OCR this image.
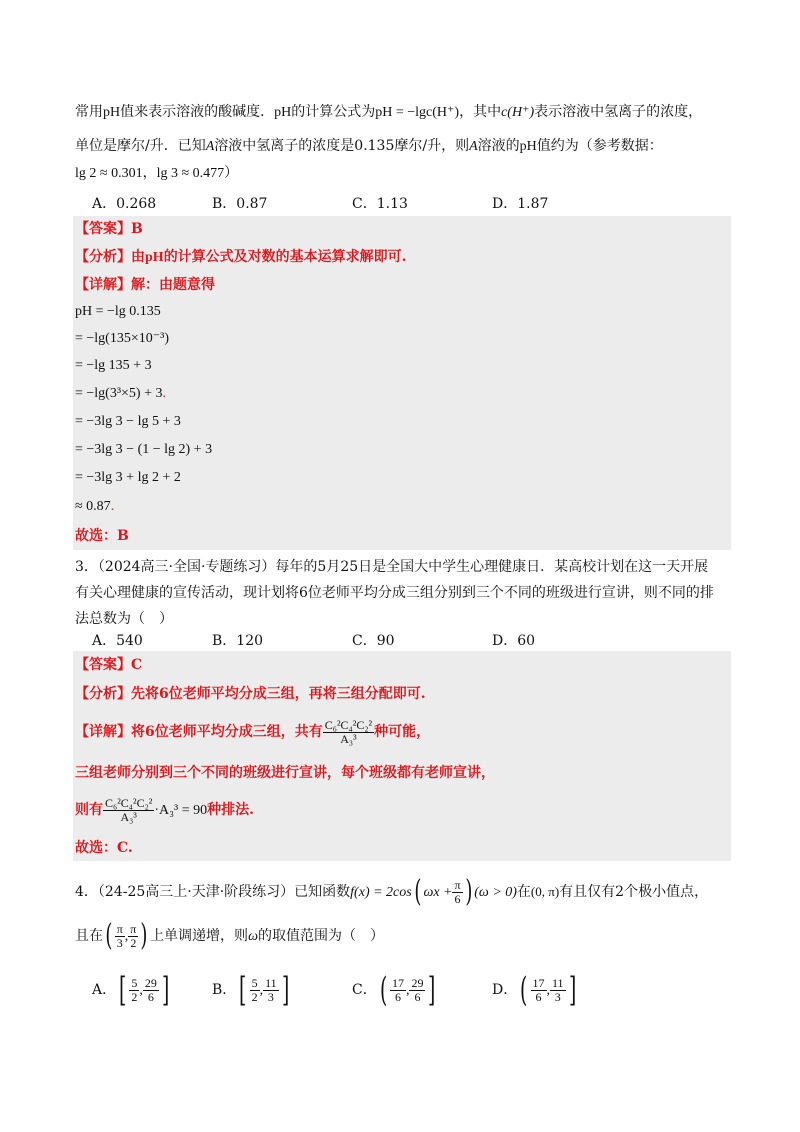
常用pH值来表示溶液的酸碱度．pH的计算公式为pH = −lgc(H⁺)，其中c(H⁺)表示溶液中氢离子的浓度，
单位是摩尔/升．已知A溶液中氢离子的浓度是0.135摩尔/升，则A溶液的pH值约为（参考数据：
lg 2 ≈ 0.301，lg 3 ≈ 0.477）
A．0.268	B．0.87	C．1.13	D．1.87
【答案】B
【分析】由pH的计算公式及对数的基本运算求解即可.
【详解】解：由题意得
pH = −lg 0.135
= −lg(135×10⁻³)
= −lg 135 + 3
= −lg(3³×5) + 3.
= −3lg 3 − lg 5 + 3
= −3lg 3 − (1 − lg 2) + 3
= −3lg 3 + lg 2 + 2
≈ 0.87.
故选：B
3．（2024高三·全国·专题练习）每年的5月25日是全国大中学生心理健康日．某高校计划在这一天开展
有关心理健康的宣传活动，现计划将6位老师平均分成三组分别到三个不同的班级进行宣讲，则不同的排
法总数为（　）
A．540	B．120	C．90	D．60
【答案】C
【分析】先将6位老师平均分成三组，再将三组分配即可.
【详解】将6位老师平均分成三组，共有 $\frac{\text{C₆²C₄²C₂²}}{\text{A₃³}}$ 种可能，
三组老师分别到三个不同的班级进行宣讲，每个班级都有老师宣讲，
则有 $\frac{\text{C₆²C₄²C₂²}}{\text{A₃³}} \cdot A_3^3 = 90$种排法.
故选：C.
4．（24-25高三上·天津·阶段练习）已知函数f(x) = 2cos( $\omega x + \frac{\pi}{6}$ ) (ω > 0)在(0, π)有且仅有2个极小值点，
且在( $\frac{\pi}{3}$ , $\frac{\pi}{2}$ ) 上单调递增，则ω的取值范围为（　）
A．[ $\frac{5}{2}$ , $\frac{29}{6}$ ]	B．[ $\frac{5}{2}$ , $\frac{11}{3}$ ]	C．( $\frac{17}{6}$ , $\frac{29}{6}$ ]	D．( $\frac{17}{6}$ , $\frac{11}{3}$ ]
